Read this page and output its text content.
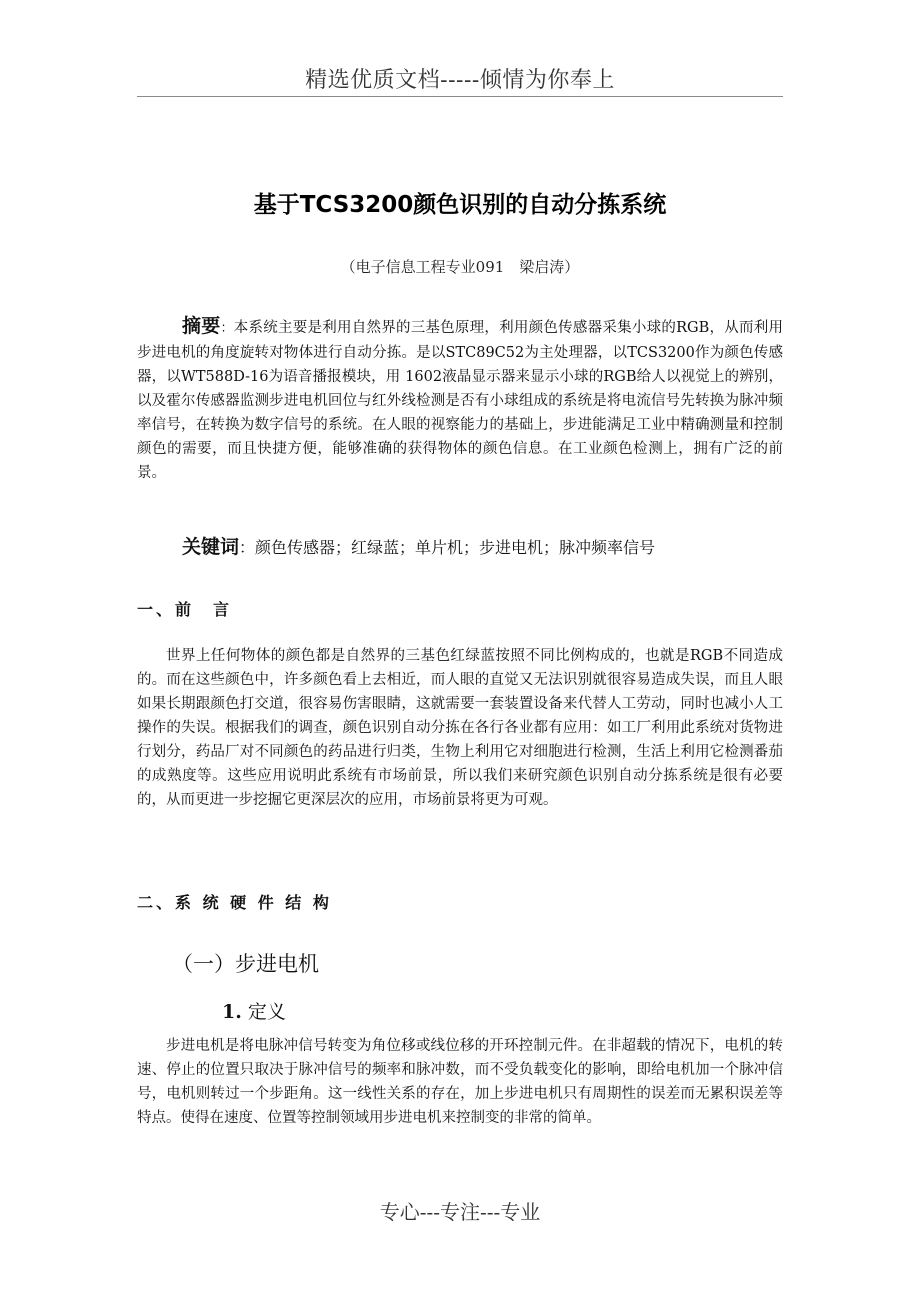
精选优质文档-----倾情为你奉上
基于TCS3200颜色识别的自动分拣系统
（电子信息工程专业091　梁启涛）

摘要：本系统主要是利用自然界的三基色原理，利用颜色传感器采集小球的RGB，从而利用步进电机的角度旋转对物体进行自动分拣。是以STC89C52为主处理器，以TCS3200作为颜色传感器，以WT588D-16为语音播报模块，用 1602液晶显示器来显示小球的RGB给人以视觉上的辨别，以及霍尔传感器监测步进电机回位与红外线检测是否有小球组成的系统是将电流信号先转换为脉冲频率信号，在转换为数字信号的系统。在人眼的视察能力的基础上，步进能满足工业中精确测量和控制颜色的需要，而且快捷方便，能够准确的获得物体的颜色信息。在工业颜色检测上，拥有广泛的前景。

关键词：颜色传感器；红绿蓝；单片机；步进电机；脉冲频率信号
一、前　言

世界上任何物体的颜色都是自然界的三基色红绿蓝按照不同比例构成的，也就是RGB不同造成的。而在这些颜色中，许多颜色看上去相近，而人眼的直觉又无法识别就很容易造成失误，而且人眼如果长期跟颜色打交道，很容易伤害眼睛，这就需要一套装置设备来代替人工劳动，同时也减小人工操作的失误。根据我们的调查，颜色识别自动分拣在各行各业都有应用：如工厂利用此系统对货物进行划分，药品厂对不同颜色的药品进行归类，生物上利用它对细胞进行检测，生活上利用它检测番茄的成熟度等。这些应用说明此系统有市场前景，所以我们来研究颜色识别自动分拣系统是很有必要的，从而更进一步挖掘它更深层次的应用，市场前景将更为可观。

二、系 统 硬 件 结 构
（一）步进电机
1. 定义

步进电机是将电脉冲信号转变为角位移或线位移的开环控制元件。在非超载的情况下，电机的转速、停止的位置只取决于脉冲信号的频率和脉冲数，而不受负载变化的影响，即给电机加一个脉冲信号，电机则转过一个步距角。这一线性关系的存在，加上步进电机只有周期性的误差而无累积误差等特点。使得在速度、位置等控制领域用步进电机来控制变的非常的简单。

专心---专注---专业
